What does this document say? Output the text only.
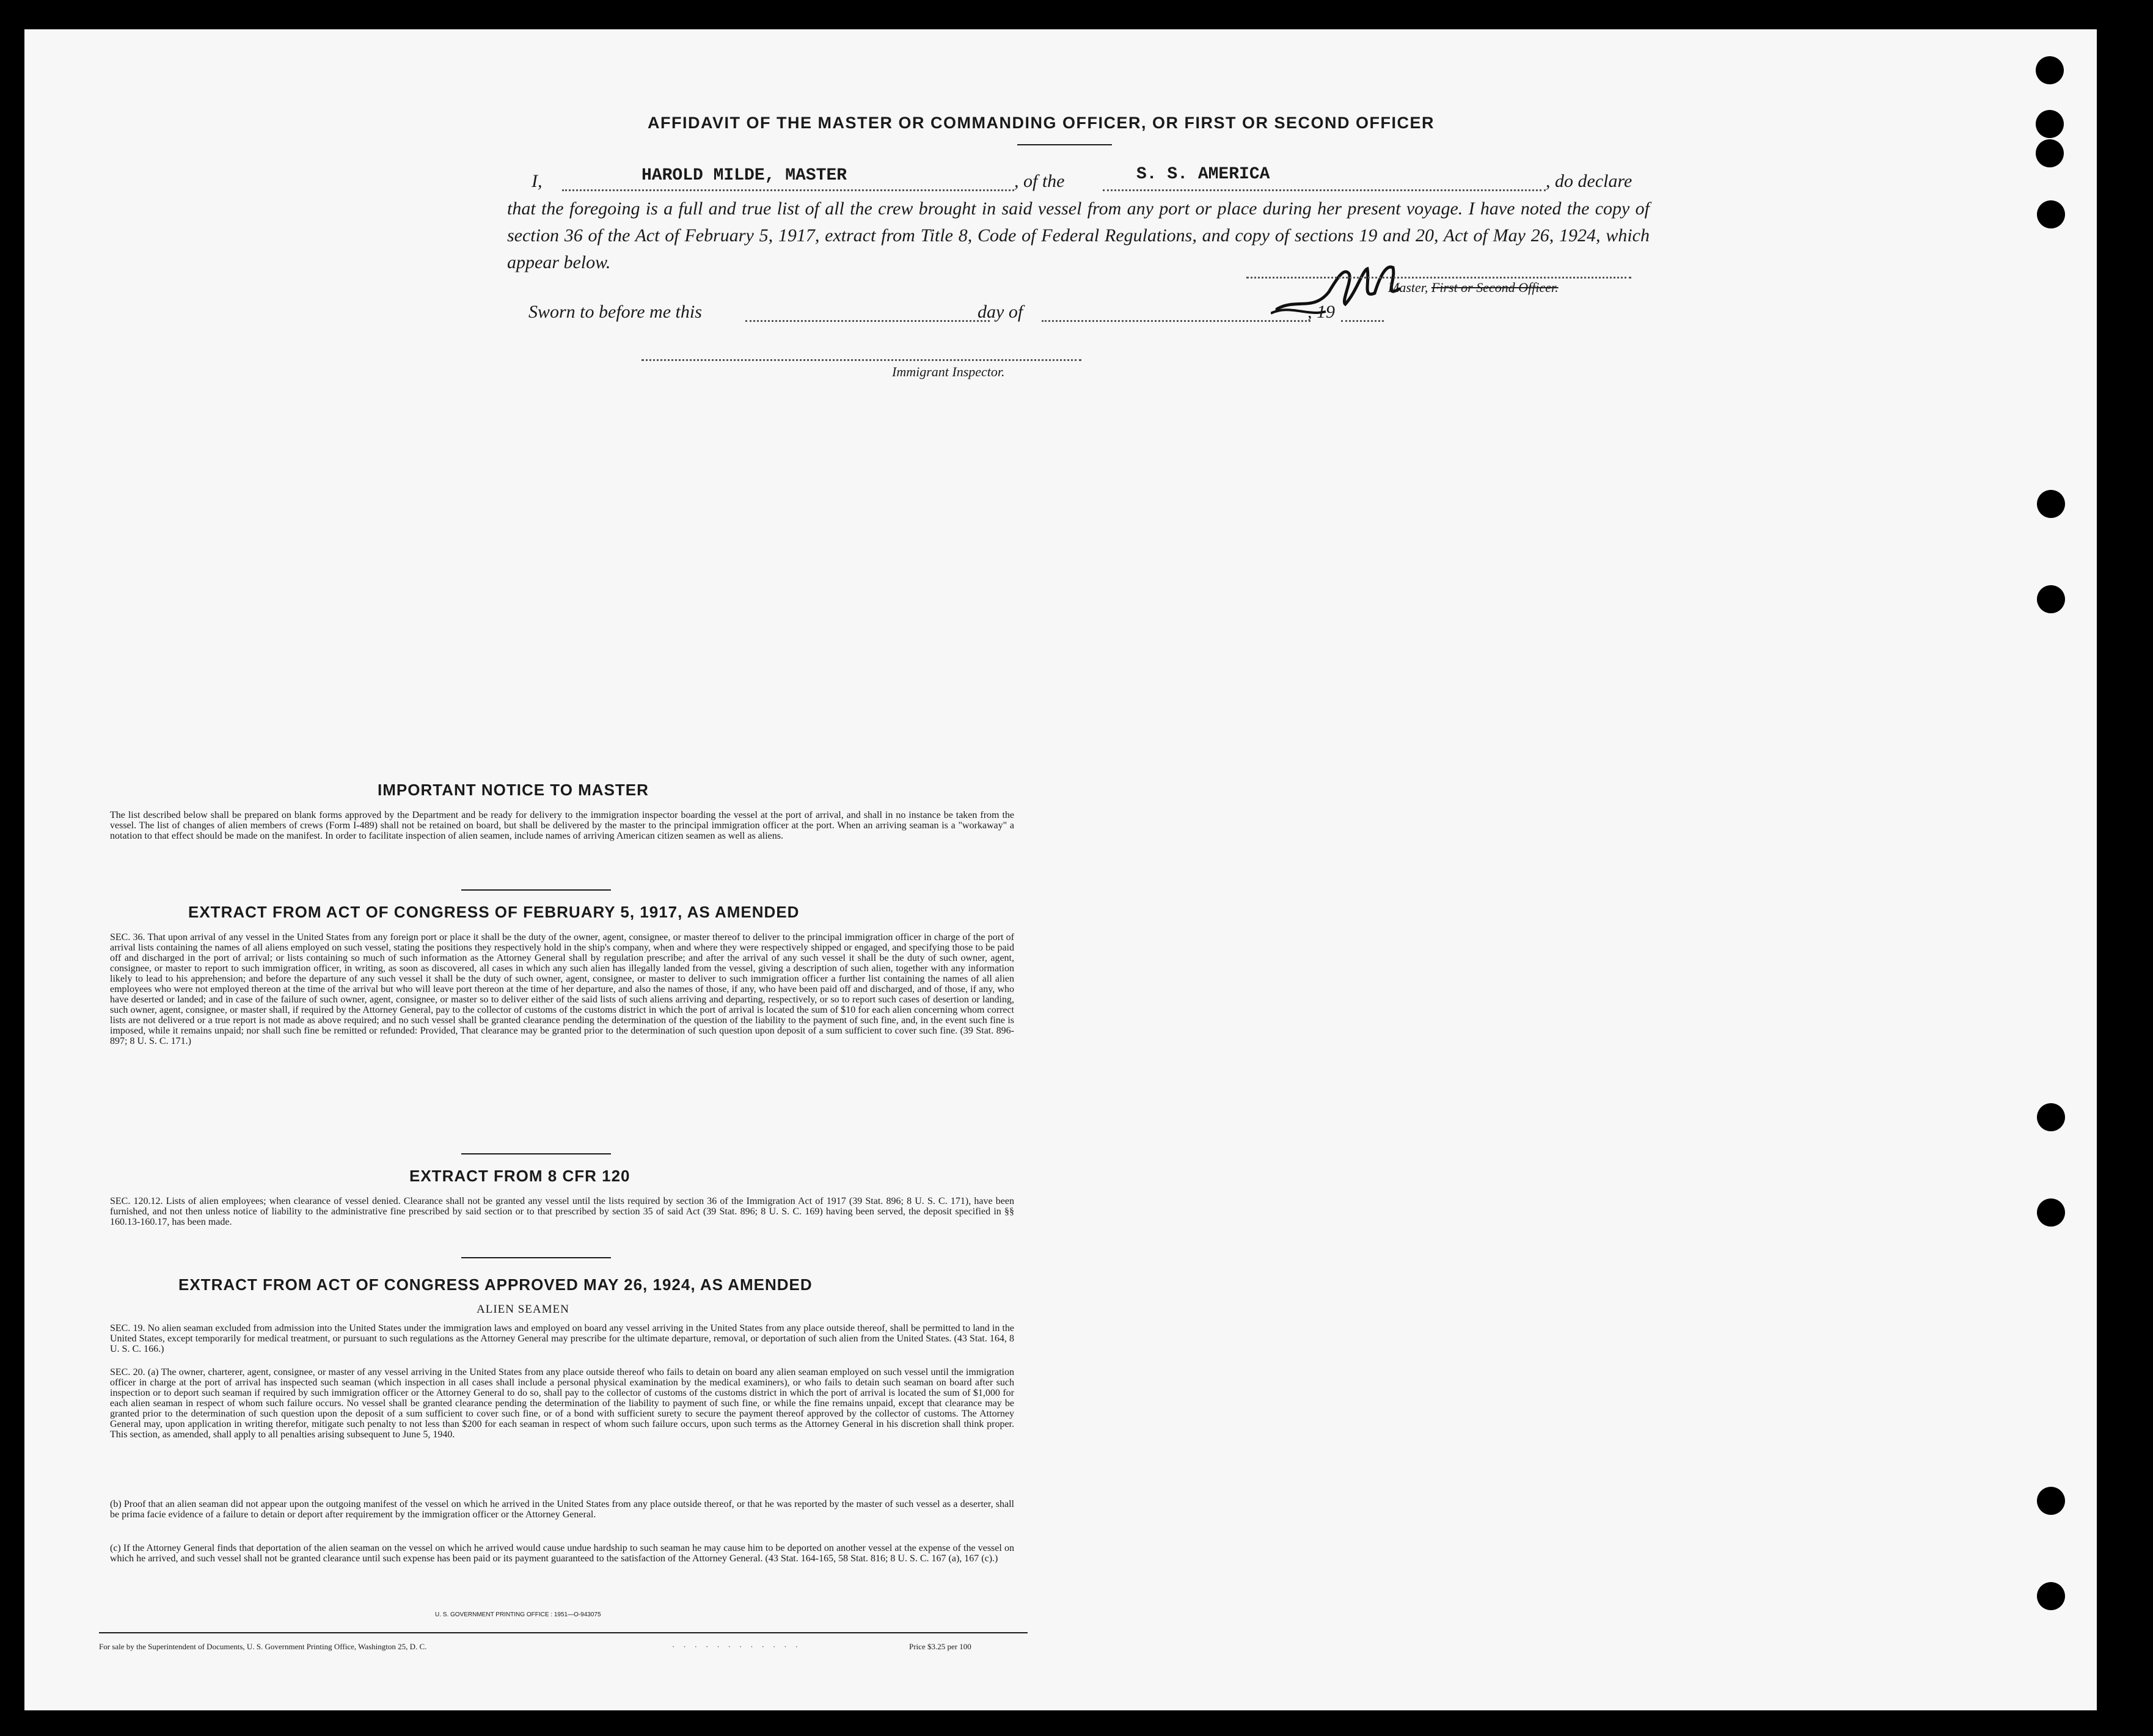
AFFIDAVIT OF THE MASTER OR COMMANDING OFFICER, OR FIRST OR SECOND OFFICER
I,	HAROLD MILDE, MASTER	, of the	S. S. AMERICA	, do declare
that the foregoing is a full and true list of all the crew brought in said vessel from any port or place during her present voyage. I have noted the copy of section 36 of the Act of February 5, 1917, extract from Title 8, Code of Federal Regulations, and copy of sections 19 and 20, Act of May 26, 1924, which appear below.
Master, First or Second Officer.
Sworn to before me this	day of	, 19
Immigrant Inspector.
IMPORTANT NOTICE TO MASTER
The list described below shall be prepared on blank forms approved by the Department and be ready for delivery to the immigration inspector boarding the vessel at the port of arrival, and shall in no instance be taken from the vessel. The list of changes of alien members of crews (Form I-489) shall not be retained on board, but shall be delivered by the master to the principal immigration officer at the port. When an arriving seaman is a "workaway" a notation to that effect should be made on the manifest. In order to facilitate inspection of alien seamen, include names of arriving American citizen seamen as well as aliens.
EXTRACT FROM ACT OF CONGRESS OF FEBRUARY 5, 1917, AS AMENDED
SEC. 36. That upon arrival of any vessel in the United States from any foreign port or place it shall be the duty of the owner, agent, consignee, or master thereof to deliver to the principal immigration officer in charge of the port of arrival lists containing the names of all aliens employed on such vessel, stating the positions they respectively hold in the ship's company, when and where they were respectively shipped or engaged, and specifying those to be paid off and discharged in the port of arrival; or lists containing so much of such information as the Attorney General shall by regulation prescribe; and after the arrival of any such vessel it shall be the duty of such owner, agent, consignee, or master to report to such immigration officer, in writing, as soon as discovered, all cases in which any such alien has illegally landed from the vessel, giving a description of such alien, together with any information likely to lead to his apprehension; and before the departure of any such vessel it shall be the duty of such owner, agent, consignee, or master to deliver to such immigration officer a further list containing the names of all alien employees who were not employed thereon at the time of the arrival but who will leave port thereon at the time of her departure, and also the names of those, if any, who have been paid off and discharged, and of those, if any, who have deserted or landed; and in case of the failure of such owner, agent, consignee, or master so to deliver either of the said lists of such aliens arriving and departing, respectively, or so to report such cases of desertion or landing, such owner, agent, consignee, or master shall, if required by the Attorney General, pay to the collector of customs of the customs district in which the port of arrival is located the sum of $10 for each alien concerning whom correct lists are not delivered or a true report is not made as above required; and no such vessel shall be granted clearance pending the determination of the question of the liability to the payment of such fine, and, in the event such fine is imposed, while it remains unpaid; nor shall such fine be remitted or refunded: Provided, That clearance may be granted prior to the determination of such question upon deposit of a sum sufficient to cover such fine. (39 Stat. 896-897; 8 U. S. C. 171.)
EXTRACT FROM 8 CFR 120
SEC. 120.12. Lists of alien employees; when clearance of vessel denied. Clearance shall not be granted any vessel until the lists required by section 36 of the Immigration Act of 1917 (39 Stat. 896; 8 U. S. C. 171), have been furnished, and not then unless notice of liability to the administrative fine prescribed by said section or to that prescribed by section 35 of said Act (39 Stat. 896; 8 U. S. C. 169) having been served, the deposit specified in §§ 160.13-160.17, has been made.
EXTRACT FROM ACT OF CONGRESS APPROVED MAY 26, 1924, AS AMENDED
ALIEN SEAMEN
SEC. 19. No alien seaman excluded from admission into the United States under the immigration laws and employed on board any vessel arriving in the United States from any place outside thereof, shall be permitted to land in the United States, except temporarily for medical treatment, or pursuant to such regulations as the Attorney General may prescribe for the ultimate departure, removal, or deportation of such alien from the United States. (43 Stat. 164, 8 U. S. C. 166.)
SEC. 20. (a) The owner, charterer, agent, consignee, or master of any vessel arriving in the United States from any place outside thereof who fails to detain on board any alien seaman employed on such vessel until the immigration officer in charge at the port of arrival has inspected such seaman (which inspection in all cases shall include a personal physical examination by the medical examiners), or who fails to detain such seaman on board after such inspection or to deport such seaman if required by such immigration officer or the Attorney General to do so, shall pay to the collector of customs of the customs district in which the port of arrival is located the sum of $1,000 for each alien seaman in respect of whom such failure occurs. No vessel shall be granted clearance pending the determination of the liability to payment of such fine, or while the fine remains unpaid, except that clearance may be granted prior to the determination of such question upon the deposit of a sum sufficient to cover such fine, or of a bond with sufficient surety to secure the payment thereof approved by the collector of customs. The Attorney General may, upon application in writing therefor, mitigate such penalty to not less than $200 for each seaman in respect of whom such failure occurs, upon such terms as the Attorney General in his discretion shall think proper. This section, as amended, shall apply to all penalties arising subsequent to June 5, 1940.
(b) Proof that an alien seaman did not appear upon the outgoing manifest of the vessel on which he arrived in the United States from any place outside thereof, or that he was reported by the master of such vessel as a deserter, shall be prima facie evidence of a failure to detain or deport after requirement by the immigration officer or the Attorney General.
(c) If the Attorney General finds that deportation of the alien seaman on the vessel on which he arrived would cause undue hardship to such seaman he may cause him to be deported on another vessel at the expense of the vessel on which he arrived, and such vessel shall not be granted clearance until such expense has been paid or its payment guaranteed to the satisfaction of the Attorney General. (43 Stat. 164-165, 58 Stat. 816; 8 U. S. C. 167 (a), 167 (c).)
U. S. GOVERNMENT PRINTING OFFICE : 1951—O-943075
For sale by the Superintendent of Documents, U. S. Government Printing Office, Washington 25, D. C.	············	Price $3.25 per 100
